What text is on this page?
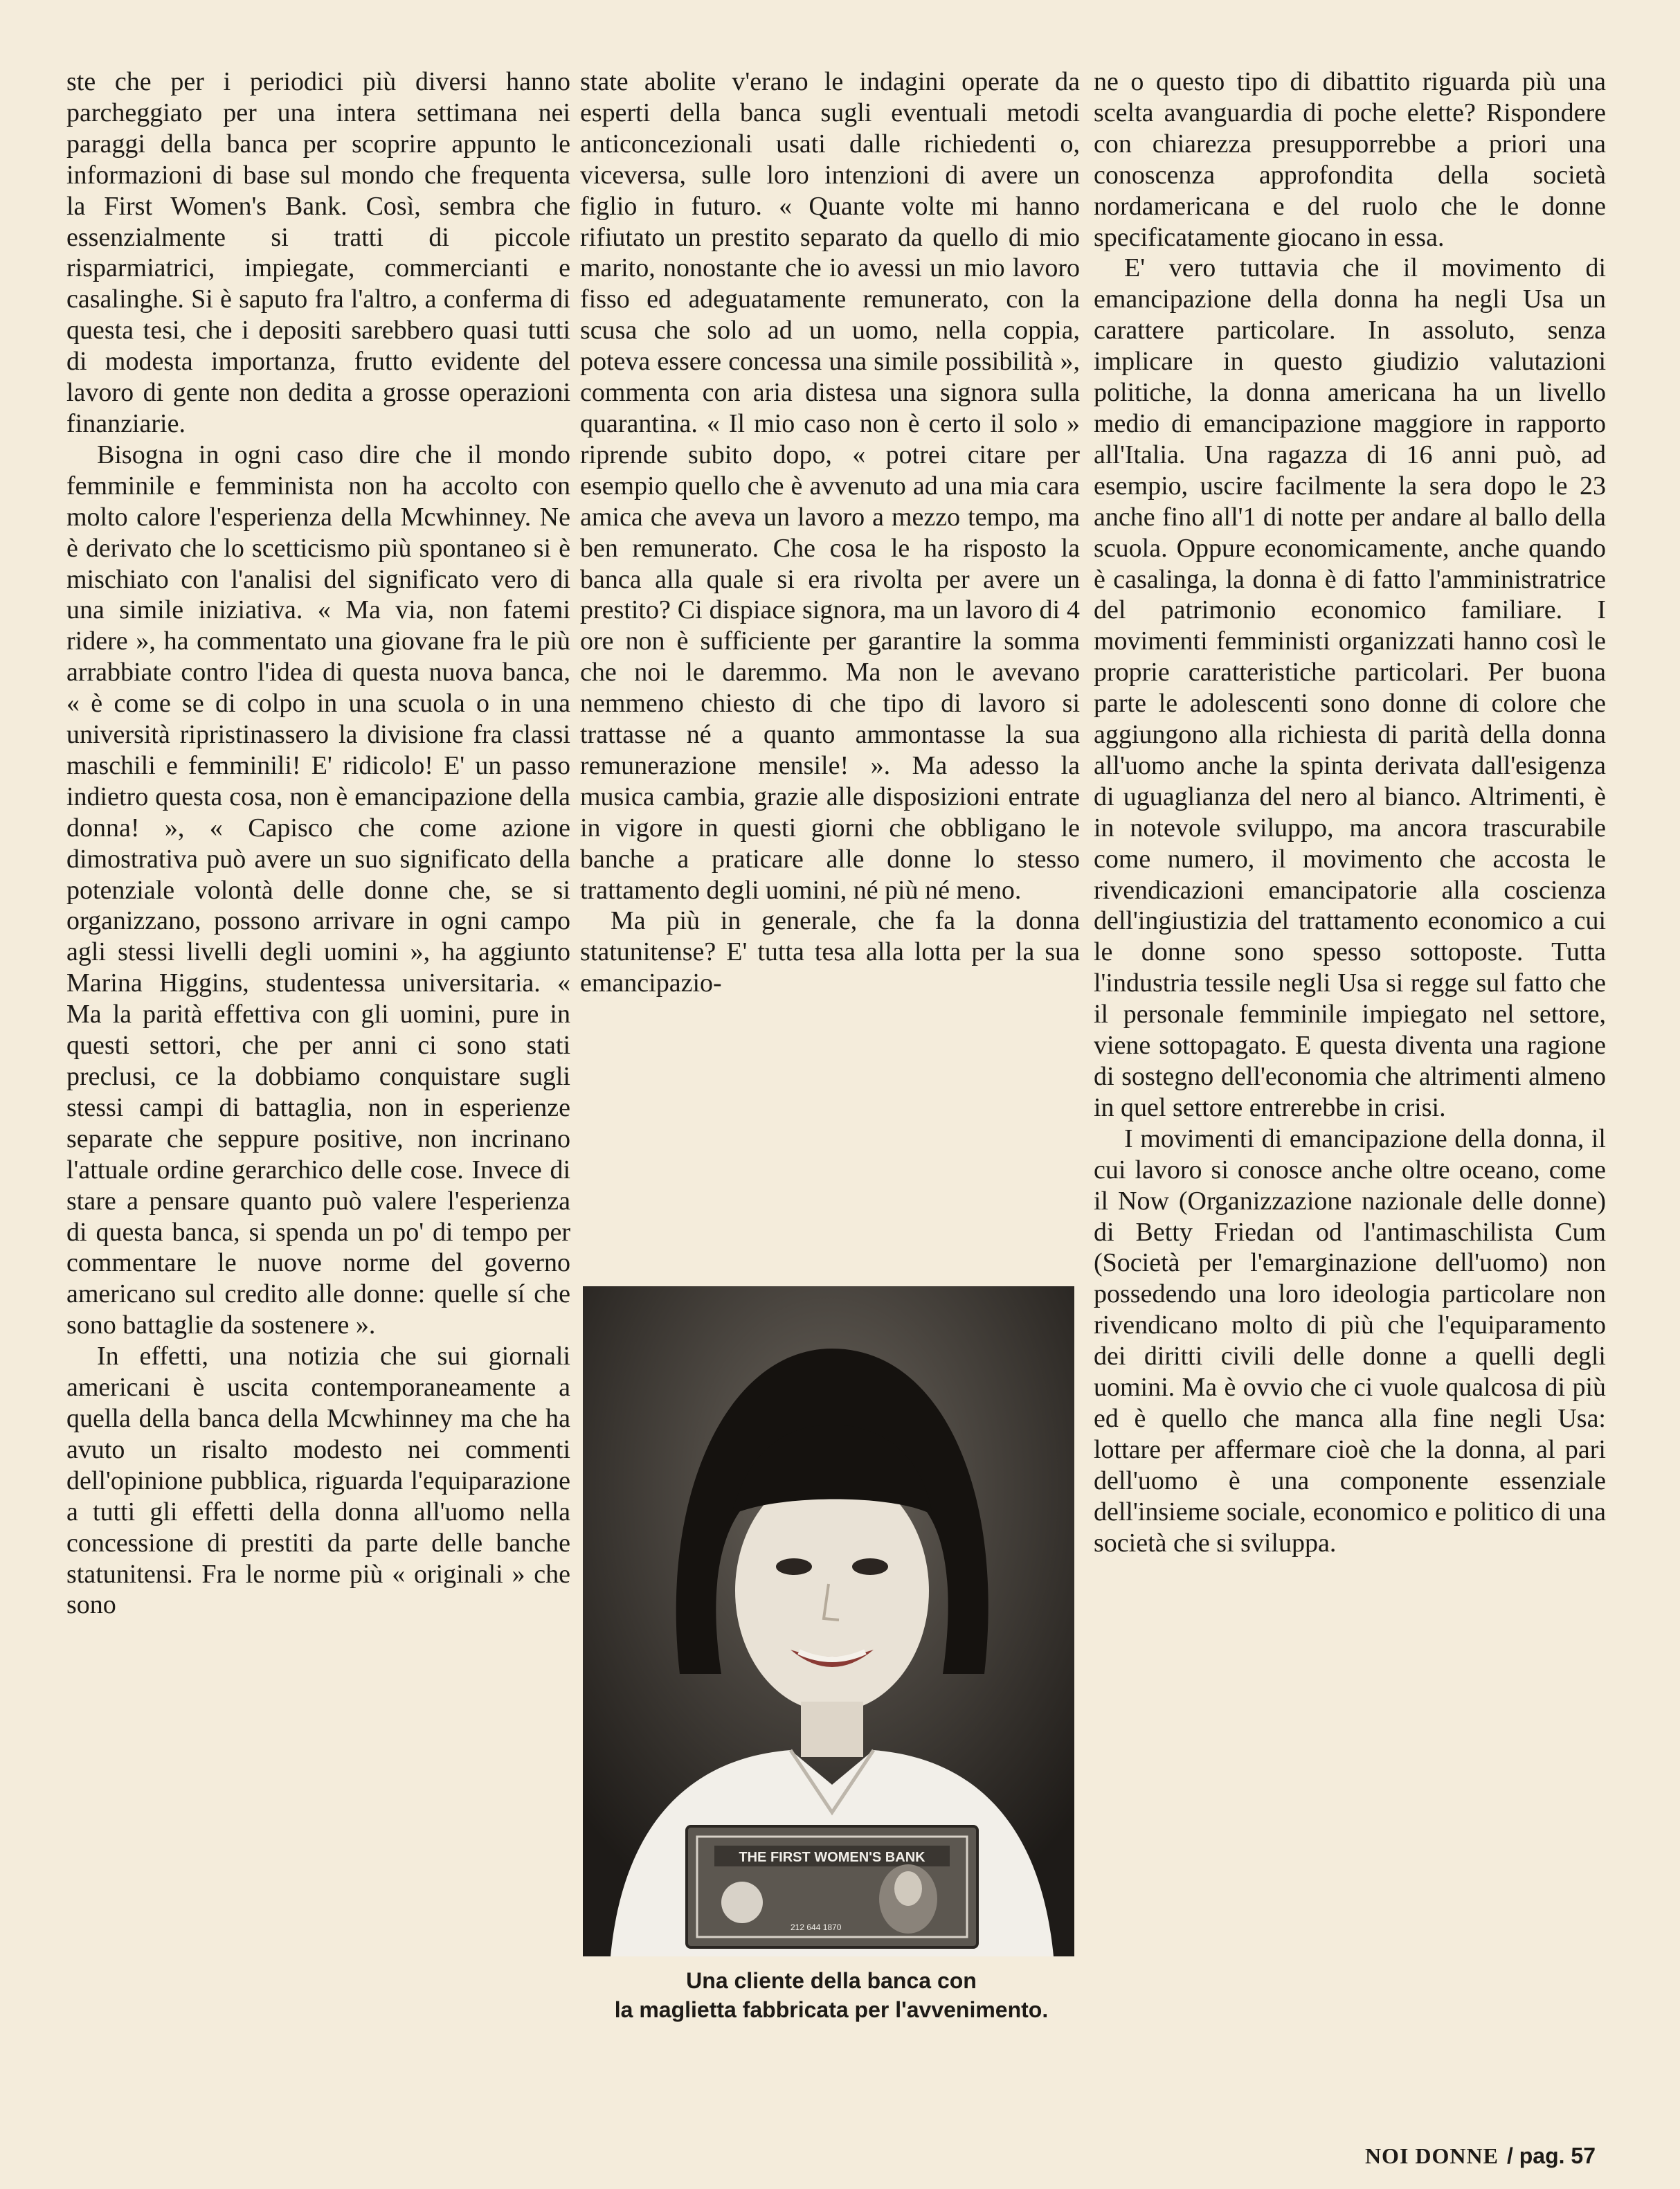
ste che per i periodici più diversi hanno parcheggiato per una intera settimana nei paraggi della banca per scoprire appunto le informazioni di base sul mondo che frequenta la First Women's Bank. Così, sembra che essenzialmente si tratti di piccole risparmiatrici, impiegate, commercianti e casalinghe. Si è saputo fra l'altro, a conferma di questa tesi, che i depositi sarebbero quasi tutti di modesta importanza, frutto evidente del lavoro di gente non dedita a grosse operazioni finanziarie.

Bisogna in ogni caso dire che il mondo femminile e femminista non ha accolto con molto calore l'esperienza della Mcwhinney. Ne è derivato che lo scetticismo più spontaneo si è mischiato con l'analisi del significato vero di una simile iniziativa. « Ma via, non fatemi ridere », ha commentato una giovane fra le più arrabbiate contro l'idea di questa nuova banca, « è come se di colpo in una scuola o in una università ripristinassero la divisione fra classi maschili e femminili! E' ridicolo! E' un passo indietro questa cosa, non è emancipazione della donna! », « Capisco che come azione dimostrativa può avere un suo significato della potenziale volontà delle donne che, se si organizzano, possono arrivare in ogni campo agli stessi livelli degli uomini », ha aggiunto Marina Higgins, studentessa universitaria. « Ma la parità effettiva con gli uomini, pure in questi settori, che per anni ci sono stati preclusi, ce la dobbiamo conquistare sugli stessi campi di battaglia, non in esperienze separate che seppure positive, non incrinano l'attuale ordine gerarchico delle cose. Invece di stare a pensare quanto può valere l'esperienza di questa banca, si spenda un po' di tempo per commentare le nuove norme del governo americano sul credito alle donne: quelle sí che sono battaglie da sostenere ».

In effetti, una notizia che sui giornali americani è uscita contemporaneamente a quella della banca della Mcwhinney ma che ha avuto un risalto modesto nei commenti dell'opinione pubblica, riguarda l'equiparazione a tutti gli effetti della donna all'uomo nella concessione di prestiti da parte delle banche statunitensi. Fra le norme più « originali » che sono

state abolite v'erano le indagini operate da esperti della banca sugli eventuali metodi anticoncezionali usati dalle richiedenti o, viceversa, sulle loro intenzioni di avere un figlio in futuro. « Quante volte mi hanno rifiutato un prestito separato da quello di mio marito, nonostante che io avessi un mio lavoro fisso ed adeguatamente remunerato, con la scusa che solo ad un uomo, nella coppia, poteva essere concessa una simile possibilità », commenta con aria distesa una signora sulla quarantina. « Il mio caso non è certo il solo » riprende subito dopo, « potrei citare per esempio quello che è avvenuto ad una mia cara amica che aveva un lavoro a mezzo tempo, ma ben remunerato. Che cosa le ha risposto la banca alla quale si era rivolta per avere un prestito? Ci dispiace signora, ma un lavoro di 4 ore non è sufficiente per garantire la somma che noi le daremmo. Ma non le avevano nemmeno chiesto di che tipo di lavoro si trattasse né a quanto ammontasse la sua remunerazione mensile! ». Ma adesso la musica cambia, grazie alle disposizioni entrate in vigore in questi giorni che obbligano le banche a praticare alle donne lo stesso trattamento degli uomini, né più né meno.

Ma più in generale, che fa la donna statunitense? E' tutta tesa alla lotta per la sua emancipazio-

ne o questo tipo di dibattito riguarda più una scelta avanguardia di poche elette? Rispondere con chiarezza presupporrebbe a priori una conoscenza approfondita della società nordamericana e del ruolo che le donne specificatamente giocano in essa.

E' vero tuttavia che il movimento di emancipazione della donna ha negli Usa un carattere particolare. In assoluto, senza implicare in questo giudizio valutazioni politiche, la donna americana ha un livello medio di emancipazione maggiore in rapporto all'Italia. Una ragazza di 16 anni può, ad esempio, uscire facilmente la sera dopo le 23 anche fino all'1 di notte per andare al ballo della scuola. Oppure economicamente, anche quando è casalinga, la donna è di fatto l'amministratrice del patrimonio economico familiare. I movimenti femministi organizzati hanno così le proprie caratteristiche particolari. Per buona parte le adolescenti sono donne di colore che aggiungono alla richiesta di parità della donna all'uomo anche la spinta derivata dall'esigenza di uguaglianza del nero al bianco. Altrimenti, è in notevole sviluppo, ma ancora trascurabile come numero, il movimento che accosta le rivendicazioni emancipatorie alla coscienza dell'ingiustizia del trattamento economico a cui le donne sono spesso sottoposte. Tutta l'industria tessile negli Usa si regge sul fatto che il personale femminile impiegato nel settore, viene sottopagato. E questa diventa una ragione di sostegno dell'economia che altrimenti almeno in quel settore entrerebbe in crisi.

I movimenti di emancipazione della donna, il cui lavoro si conosce anche oltre oceano, come il Now (Organizzazione nazionale delle donne) di Betty Friedan od l'antimaschilista Cum (Società per l'emarginazione dell'uomo) non possedendo una loro ideologia particolare non rivendicano molto di più che l'equiparamento dei diritti civili delle donne a quelli degli uomini. Ma è ovvio che ci vuole qualcosa di più ed è quello che manca alla fine negli Usa: lottare per affermare cioè che la donna, al pari dell'uomo è una componente essenziale dell'insieme sociale, economico e politico di una società che si sviluppa.

THE FIRST WOMEN'S BANK
212 644 1870
Una cliente della banca con
la maglietta fabbricata per l'avvenimento.
NOI DONNE / pag. 57
